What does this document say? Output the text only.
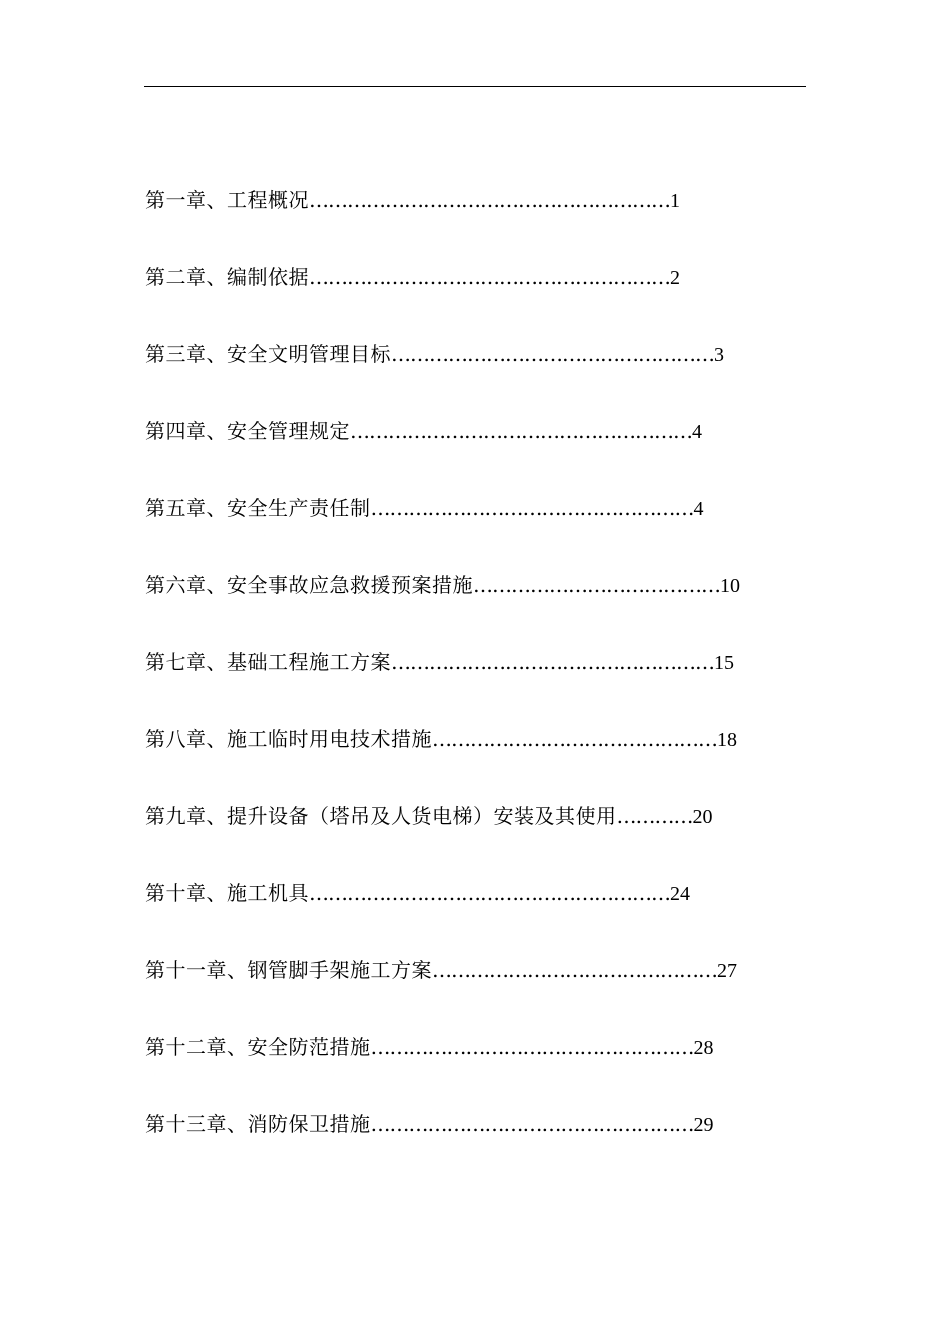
第一章、工程概况…………………………………………………1
第二章、编制依据…………………………………………………2
第三章、安全文明管理目标……………………………………………3
第四章、安全管理规定………………………………………………4
第五章、安全生产责任制……………………………………………4
第六章、安全事故应急救援预案措施…………………………………10
第七章、基础工程施工方案……………………………………………15
第八章、施工临时用电技术措施………………………………………18
第九章、提升设备（塔吊及人货电梯）安装及其使用…………20
第十章、施工机具…………………………………………………24
第十一章、钢管脚手架施工方案………………………………………27
第十二章、安全防范措施……………………………………………28
第十三章、消防保卫措施……………………………………………29
